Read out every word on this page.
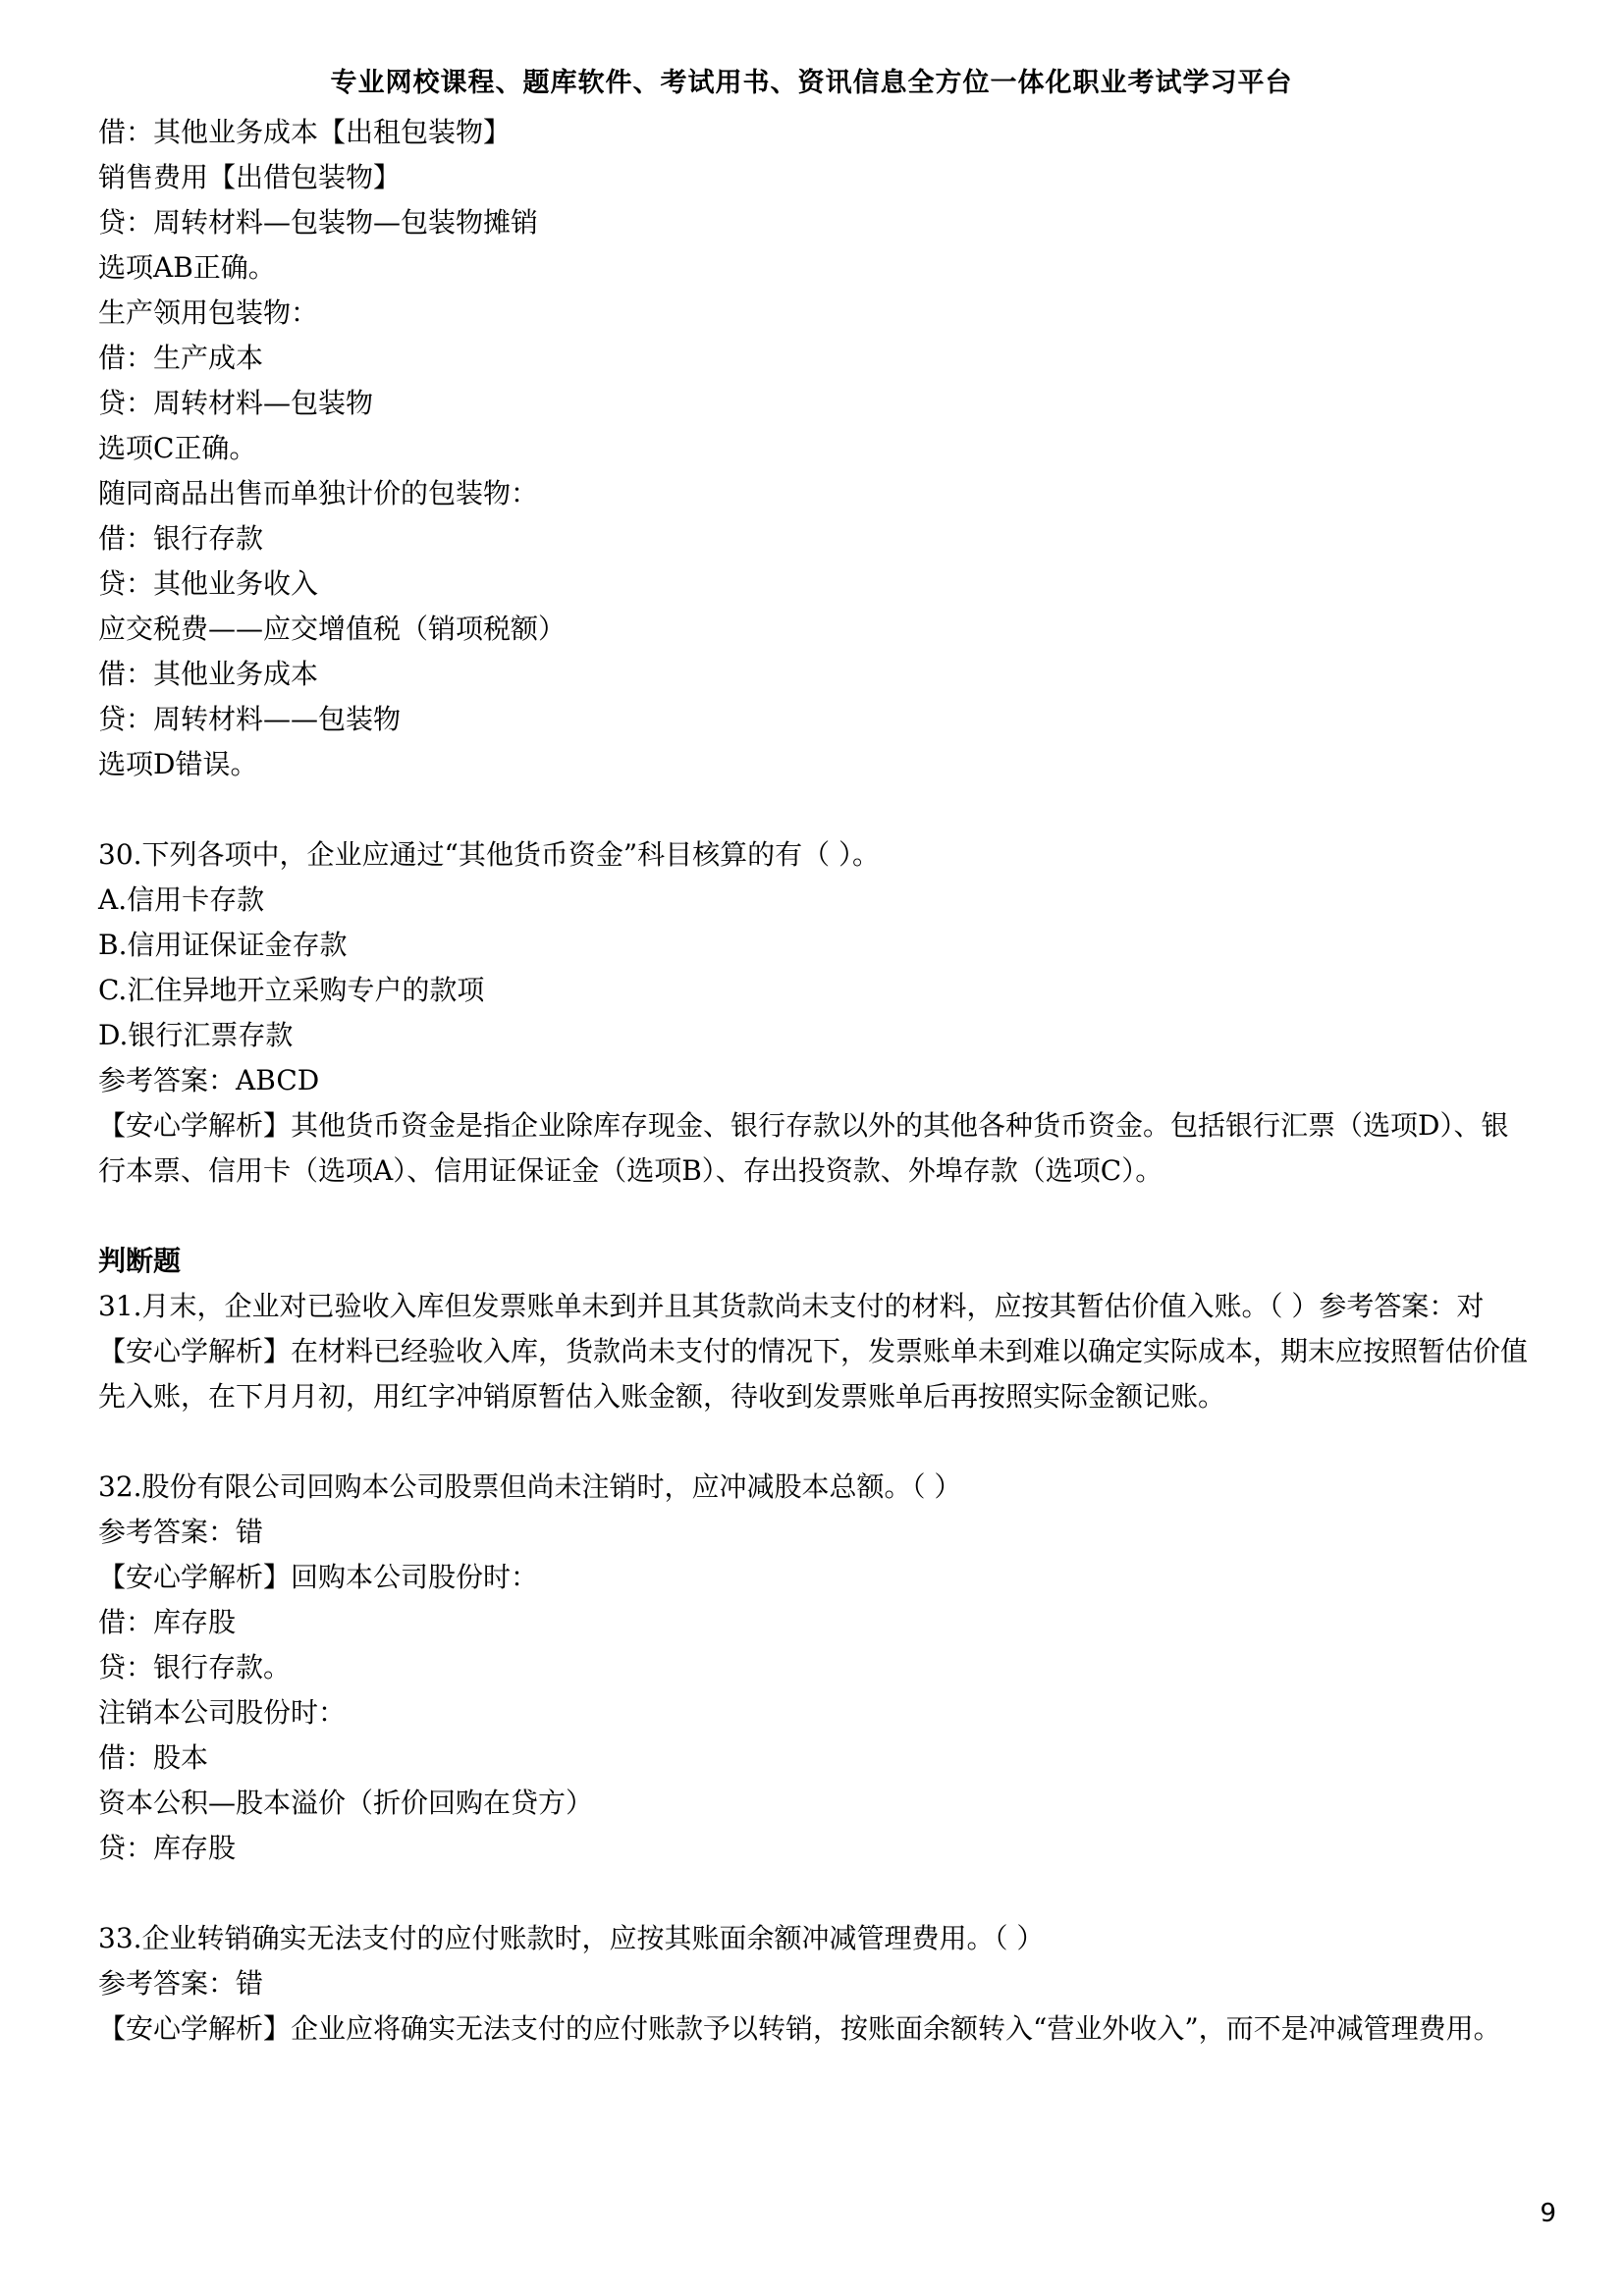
专业网校课程、题库软件、考试用书、资讯信息全方位一体化职业考试学习平台
借：其他业务成本【出租包装物】
销售费用【出借包装物】
贷：周转材料—包装物—包装物摊销
选项AB正确。
生产领用包装物：
借：生产成本
贷：周转材料—包装物
选项C正确。
随同商品出售而单独计价的包装物：
借：银行存款
贷：其他业务收入
应交税费——应交增值税（销项税额）
借：其他业务成本
贷：周转材料——包装物
选项D错误。
30.下列各项中，企业应通过“其他货币资金”科目核算的有（ ）。
A.信用卡存款
B.信用证保证金存款
C.汇住异地开立采购专户的款项
D.银行汇票存款
参考答案：ABCD
【安心学解析】其他货币资金是指企业除库存现金、银行存款以外的其他各种货币资金。包括银行汇票（选项D）、银行本票、信用卡（选项A）、信用证保证金（选项B）、存出投资款、外埠存款（选项C）。
判断题
31.月末，企业对已验收入库但发票账单未到并且其货款尚未支付的材料，应按其暂估价值入账。（ ）参考答案：对
【安心学解析】在材料已经验收入库，货款尚未支付的情况下，发票账单未到难以确定实际成本，期末应按照暂估价值先入账，在下月月初，用红字冲销原暂估入账金额，待收到发票账单后再按照实际金额记账。
32.股份有限公司回购本公司股票但尚未注销时，应冲减股本总额。（ ）
参考答案：错
【安心学解析】回购本公司股份时：
借：库存股
贷：银行存款。
注销本公司股份时：
借：股本
资本公积—股本溢价（折价回购在贷方）
贷：库存股
33.企业转销确实无法支付的应付账款时，应按其账面余额冲减管理费用。（ ）
参考答案：错
【安心学解析】企业应将确实无法支付的应付账款予以转销，按账面余额转入“营业外收入”，而不是冲减管理费用。
9
